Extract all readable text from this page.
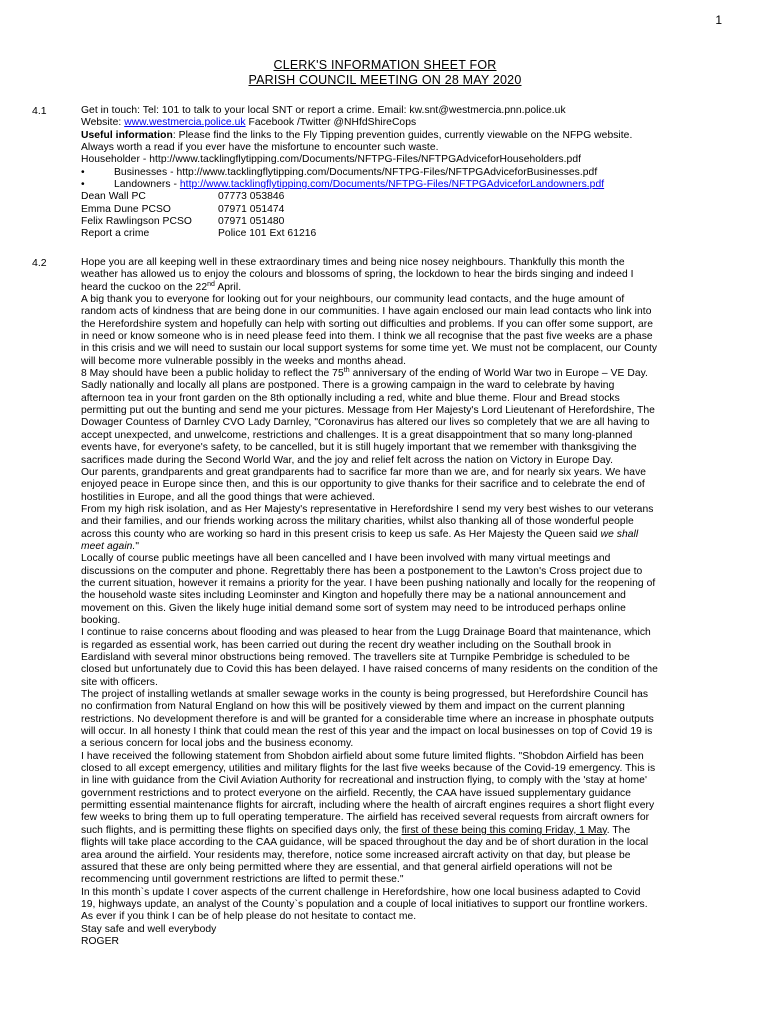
1
CLERK'S INFORMATION SHEET FOR
PARISH COUNCIL MEETING ON 28 MAY 2020
4.1	Get in touch: Tel: 101 to talk to your local SNT or report a crime. Email: kw.snt@westmercia.pnn.police.uk
Website: www.westmercia.police.uk Facebook /Twitter @NHfdShireCops
Useful information: Please find the links to the Fly Tipping prevention guides, currently viewable on the NFPG website.
Always worth a read if you ever have the misfortune to encounter such waste.
Householder - http://www.tacklingflytipping.com/Documents/NFTPG-Files/NFTPGAdviceforHouseholders.pdf
•	Businesses - http://www.tacklingflytipping.com/Documents/NFTPG-Files/NFTPGAdviceforBusinesses.pdf
•	Landowners - http://www.tacklingflytipping.com/Documents/NFTPG-Files/NFTPGAdviceforLandowners.pdf
Dean Wall PC	07773 053846
Emma Dune PCSO	07971 051474
Felix Rawlingson PCSO	07971 051480
Report a crime	Police 101 Ext 61216
4.2	Hope you are all keeping well in these extraordinary times and being nice nosey neighbours. Thankfully this month the
weather has allowed us to enjoy the colours and blossoms of spring, the lockdown to hear the birds singing and indeed I
heard the cuckoo on the 22nd April.
A big thank you to everyone for looking out for your neighbours, our community lead contacts, and the huge amount of
random acts of kindness that are being done in our communities. I have again enclosed our main lead contacts who link into
the Herefordshire system and hopefully can help with sorting out difficulties and problems. If you can offer some support, are
in need or know someone who is in need please feed into them. I think we all recognise that the past five weeks are a phase
in this crisis and we will need to sustain our local support systems for some time yet. We must not be complacent, our County
will become more vulnerable possibly in the weeks and months ahead.
8 May should have been a public holiday to reflect the 75th anniversary of the ending of World War two in Europe – VE Day.
Sadly nationally and locally all plans are postponed. There is a growing campaign in the ward to celebrate by having
afternoon tea in your front garden on the 8th optionally including a red, white and blue theme. Flour and Bread stocks
permitting put out the bunting and send me your pictures. Message from Her Majesty's Lord Lieutenant of Herefordshire, The
Dowager Countess of Darnley CVO Lady Darnley, "Coronavirus has altered our lives so completely that we are all having to
accept unexpected, and unwelcome, restrictions and challenges. It is a great disappointment that so many long-planned
events have, for everyone's safety, to be cancelled, but it is still hugely important that we remember with thanksgiving the
sacrifices made during the Second World War, and the joy and relief felt across the nation on Victory in Europe Day.
Our parents, grandparents and great grandparents had to sacrifice far more than we are, and for nearly six years. We have
enjoyed peace in Europe since then, and this is our opportunity to give thanks for their sacrifice and to celebrate the end of
hostilities in Europe, and all the good things that were achieved.
From my high risk isolation, and as Her Majesty's representative in Herefordshire I send my very best wishes to our veterans
and their families, and our friends working across the military charities, whilst also thanking all of those wonderful people
across this county who are working so hard in this present crisis to keep us safe. As Her Majesty the Queen said we shall
meet again."
Locally of course public meetings have all been cancelled and I have been involved with many virtual meetings and
discussions on the computer and phone. Regrettably there has been a postponement to the Lawton's Cross project due to
the current situation, however it remains a priority for the year. I have been pushing nationally and locally for the reopening of
the household waste sites including Leominster and Kington and hopefully there may be a national announcement and
movement on this. Given the likely huge initial demand some sort of system may need to be introduced perhaps online
booking.
I continue to raise concerns about flooding and was pleased to hear from the Lugg Drainage Board that maintenance, which
is regarded as essential work, has been carried out during the recent dry weather including on the Southall brook in
Eardisland with several minor obstructions being removed. The travellers site at Turnpike Pembridge is scheduled to be
closed but unfortunately due to Covid this has been delayed. I have raised concerns of many residents on the condition of the
site with officers.
The project of installing wetlands at smaller sewage works in the county is being progressed, but Herefordshire Council has
no confirmation from Natural England on how this will be positively viewed by them and impact on the current planning
restrictions. No development therefore is and will be granted for a considerable time where an increase in phosphate outputs
will occur. In all honesty I think that could mean the rest of this year and the impact on local businesses on top of Covid 19 is
a serious concern for local jobs and the business economy.
I have received the following statement from Shobdon airfield about some future limited flights. "Shobdon Airfield has been
closed to all except emergency, utilities and military flights for the last five weeks because of the Covid-19 emergency. This is
in line with guidance from the Civil Aviation Authority for recreational and instruction flying, to comply with the 'stay at home'
government restrictions and to protect everyone on the airfield. Recently, the CAA have issued supplementary guidance
permitting essential maintenance flights for aircraft, including where the health of aircraft engines requires a short flight every
few weeks to bring them up to full operating temperature. The airfield has received several requests from aircraft owners for
such flights, and is permitting these flights on specified days only, the first of these being this coming Friday, 1 May. The
flights will take place according to the CAA guidance, will be spaced throughout the day and be of short duration in the local
area around the airfield. Your residents may, therefore, notice some increased aircraft activity on that day, but please be
assured that these are only being permitted where they are essential, and that general airfield operations will not be
recommencing until government restrictions are lifted to permit these."
In this month`s update I cover aspects of the current challenge in Herefordshire, how one local business adapted to Covid
19, highways update, an analyst of the County`s population and a couple of local initiatives to support our frontline workers.
As ever if you think I can be of help please do not hesitate to contact me.
Stay safe and well everybody
ROGER
